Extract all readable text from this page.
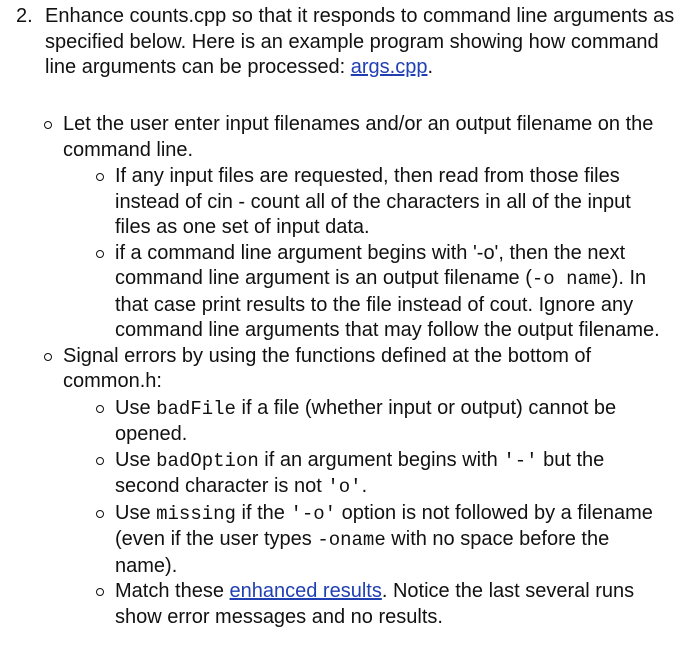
2. Enhance counts.cpp so that it responds to command line arguments as specified below. Here is an example program showing how command line arguments can be processed: args.cpp.

Let the user enter input filenames and/or an output filename on the command line.
If any input files are requested, then read from those files instead of cin - count all of the characters in all of the input files as one set of input data.
if a command line argument begins with '-o', then the next command line argument is an output filename (-o name). In that case print results to the file instead of cout. Ignore any command line arguments that may follow the output filename.
Signal errors by using the functions defined at the bottom of common.h:
Use badFile if a file (whether input or output) cannot be opened.
Use badOption if an argument begins with '-' but the second character is not 'o'.
Use missing if the '-o' option is not followed by a filename (even if the user types -oname with no space before the name).
Match these enhanced results. Notice the last several runs show error messages and no results.
